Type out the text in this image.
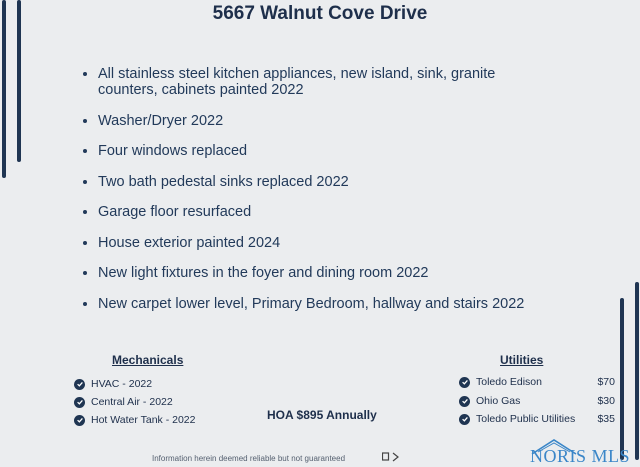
5667 Walnut Cove Drive
• All stainless steel kitchen appliances, new island, sink, granite counters, cabinets painted 2022
• Washer/Dryer 2022
• Four windows replaced
• Two bath pedestal sinks replaced 2022
• Garage floor resurfaced
• House exterior painted 2024
• New light fixtures in the foyer and dining room 2022
• New carpet lower level, Primary Bedroom, hallway and stairs 2022
Mechanicals
HVAC - 2022
Central Air - 2022
Hot Water Tank - 2022	HOA $895 Annually
Utilities
Toledo Edison	$70
Ohio Gas	$30
Toledo Public Utilities	$35
Information herein deemed reliable but not guaranteed	NORIS MLS
